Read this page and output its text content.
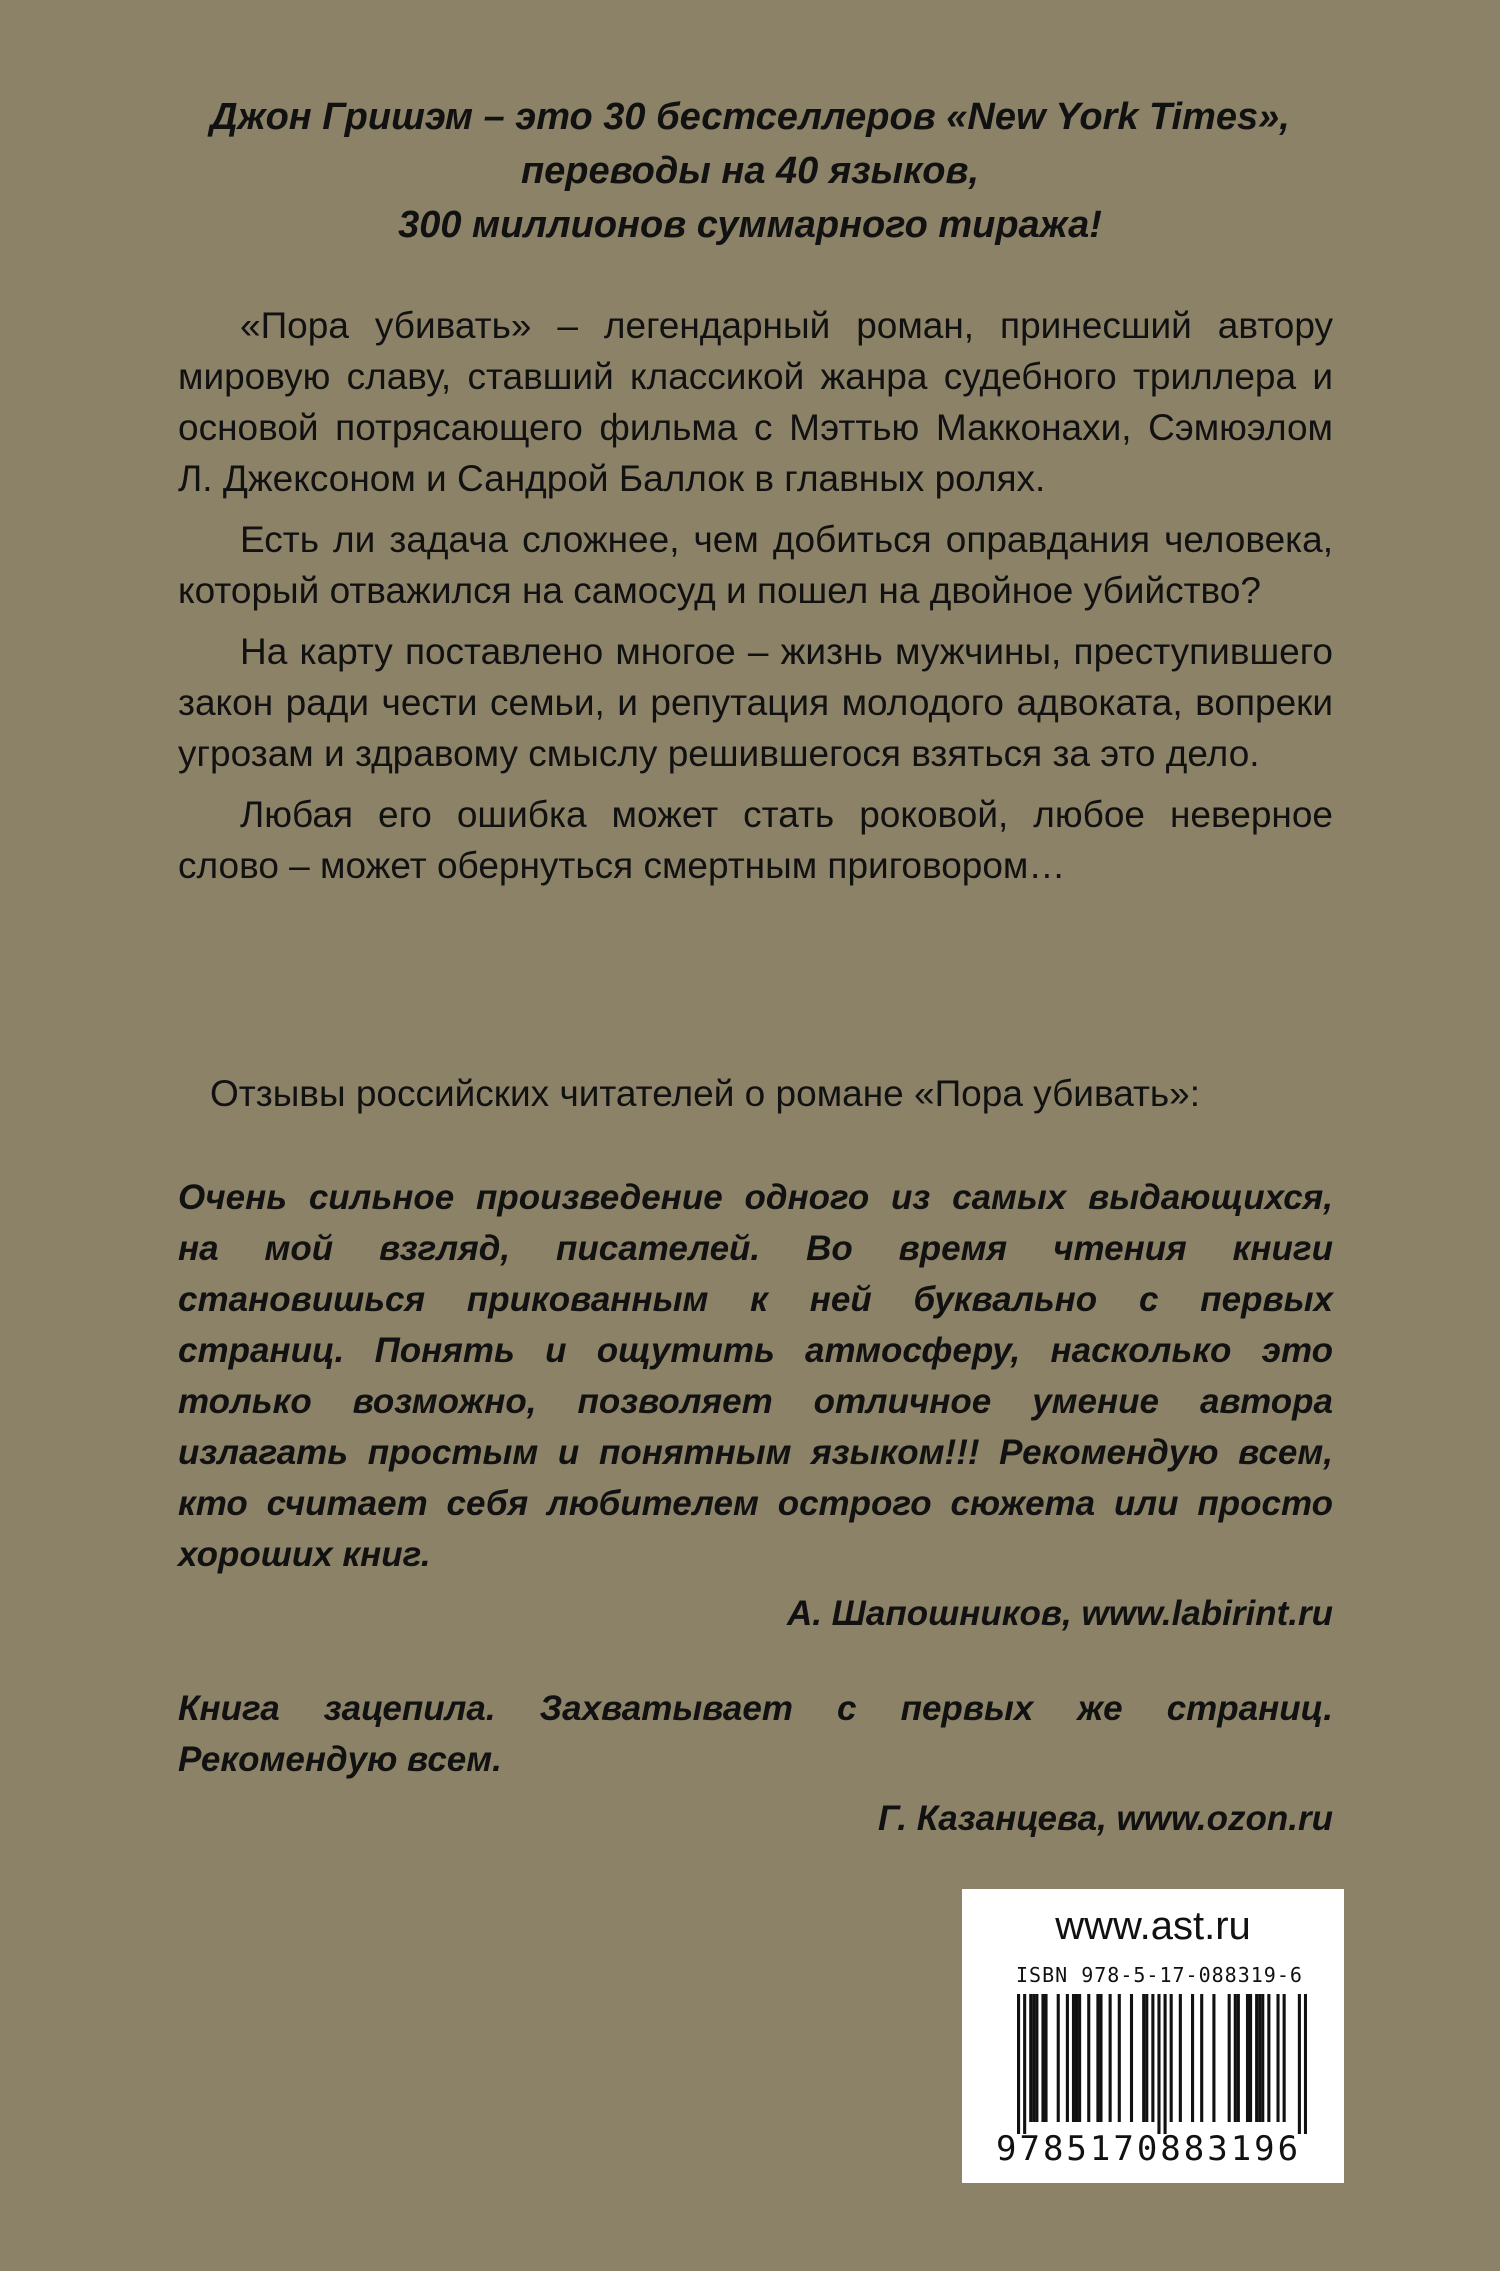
Джон Гришэм – это 30 бестселлеров «New York Times»,
переводы на 40 языков,
300 миллионов суммарного тиража!

«Пора убивать» – легендарный роман, принесший автору мировую славу, ставший классикой жанра судебного триллера и основой потрясающего фильма с Мэттью Макконахи, Сэмюэлом Л. Джексоном и Сандрой Баллок в главных ролях.

Есть ли задача сложнее, чем добиться оправдания человека, который отважился на самосуд и пошел на двойное убийство?

На карту поставлено многое – жизнь мужчины, преступившего закон ради чести семьи, и репутация молодого адвоката, вопреки угрозам и здравому смыслу решившегося взяться за это дело.

Любая его ошибка может стать роковой, любое неверное слово – может обернуться смертным приговором…

Отзывы российских читателей о романе «Пора убивать»:
Очень сильное произведение одного из самых выдающихся,
на мой взгляд, писателей. Во время чтения книги
становишься прикованным к ней буквально с первых
страниц. Понять и ощутить атмосферу, насколько это
только возможно, позволяет отличное умение автора
излагать простым и понятным языком!!! Рекомендую всем,
кто считает себя любителем острого сюжета или просто
хороших книг.
А. Шапошников, www.labirint.ru
Книга зацепила. Захватывает с первых же страниц.
Рекомендую всем.
Г. Казанцева, www.ozon.ru
www.ast.ru
ISBN 978-5-17-088319-6
9785170883196
